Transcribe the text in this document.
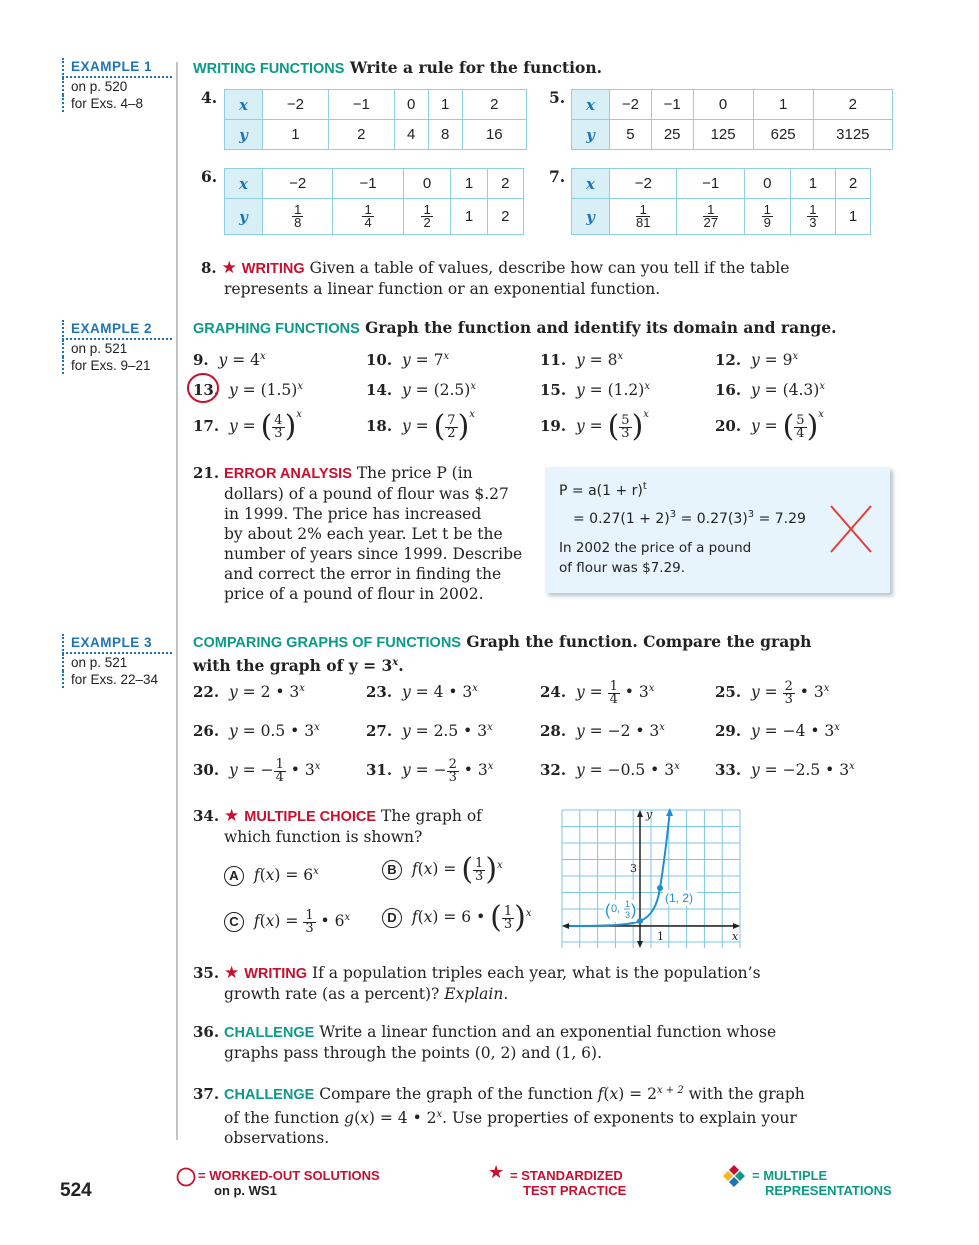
EXAMPLE 1
on p. 520
for Exs. 4–8
EXAMPLE 2
on p. 521
for Exs. 9–21
EXAMPLE 3
on p. 521
for Exs. 22–34
WRITING FUNCTIONS Write a rule for the function.
4. x	−2	−1	0	1	2
y	1	2	4	8	16
5. x	−2	−1	0	1	2
y	5	25	125	625	3125
6. x	−2	−1	0	1	2
y	$\frac{1}{8}$	$\frac{1}{4}$	$\frac{1}{2}$	1	2
7. x	−2	−1	0	1	2
y	$\frac{1}{81}$	$\frac{1}{27}$	$\frac{1}{9}$	$\frac{1}{3}$	1
8. ★ WRITING Given a table of values, describe how can you tell if the table
represents a linear function or an exponential function.
GRAPHING FUNCTIONS Graph the function and identify its domain and range.
9. $y = 4^x$	10. $y = 7^x$	11. $y = 8^x$	12. $y = 9^x$
13. $y = (1.5)^x$	14. $y = (2.5)^x$	15. $y = (1.2)^x$	16. $y = (4.3)^x$
17. y = ( $\frac{4}{3}$ ) $^x$
18. y = ( $\frac{7}{2}$ ) $^x$
19. y = ( $\frac{5}{3}$ ) $^x$
20. y = ( $\frac{5}{4}$ ) $^x$
21. ERROR ANALYSIS The price P (in
dollars) of a pound of flour was $.27
in 1999. The price has increased
by about 2% each year. Let t be the
number of years since 1999. Describe
and correct the error in finding the
price of a pound of flour in 2002.
$P = a(1 + r)^t$
= $0.27(1 + 2)^3 = 0.27(3)^3 = 7.29$
In 2002 the price of a pound
of flour was $7.29.
COMPARING GRAPHS OF FUNCTIONS Graph the function. Compare the graph
with the graph of $y = 3^x$.
22. y = 2 • 3$^x$	23. y = 4 • 3$^x$	24. $y = \frac{1}{4}$ • 3$^x$	25. $y = \frac{2}{3}$ • 3$^x$
26. y = 0.5 • 3$^x$	27. y = 2.5 • 3$^x$	28. y = −2 • 3$^x$	29. y = −4 • 3$^x$
30. y = − $\frac{1}{4}$ • 3$^x$	31. y = − $\frac{2}{3}$ • 3$^x$	32. y = −0.5 • 3$^x$ 33. y = −2.5 • 3$^x$
34. ★ MULTIPLE CHOICE The graph of
which function is shown?
A $f(x) = 6^x$	B f(x) = ( $\frac{1}{3}$ ) $^x$
C $f(x) = \frac{1}{3}$ • 6$^x$	D f(x) = 6 • ( $\frac{1}{3}$ ) $^x$
y
x
3
1
(1, 2)
( 0, 1
3 )
35. ★ WRITING If a population triples each year, what is the population’s
growth rate (as a percent)? Explain.
36. CHALLENGE Write a linear function and an exponential function whose
graphs pass through the points (0, 2) and (1, 6).
37. CHALLENGE Compare the graph of the function $f(x) = 2^{x + 2}$ with the graph
of the function g(x) = 4 • 2$^x$. Use properties of exponents to explain your
observations.
524
= WORKED-OUT SOLUTIONS
on p. WS1
★ = STANDARDIZED
TEST PRACTICE
= MULTIPLE
REPRESENTATIONS
